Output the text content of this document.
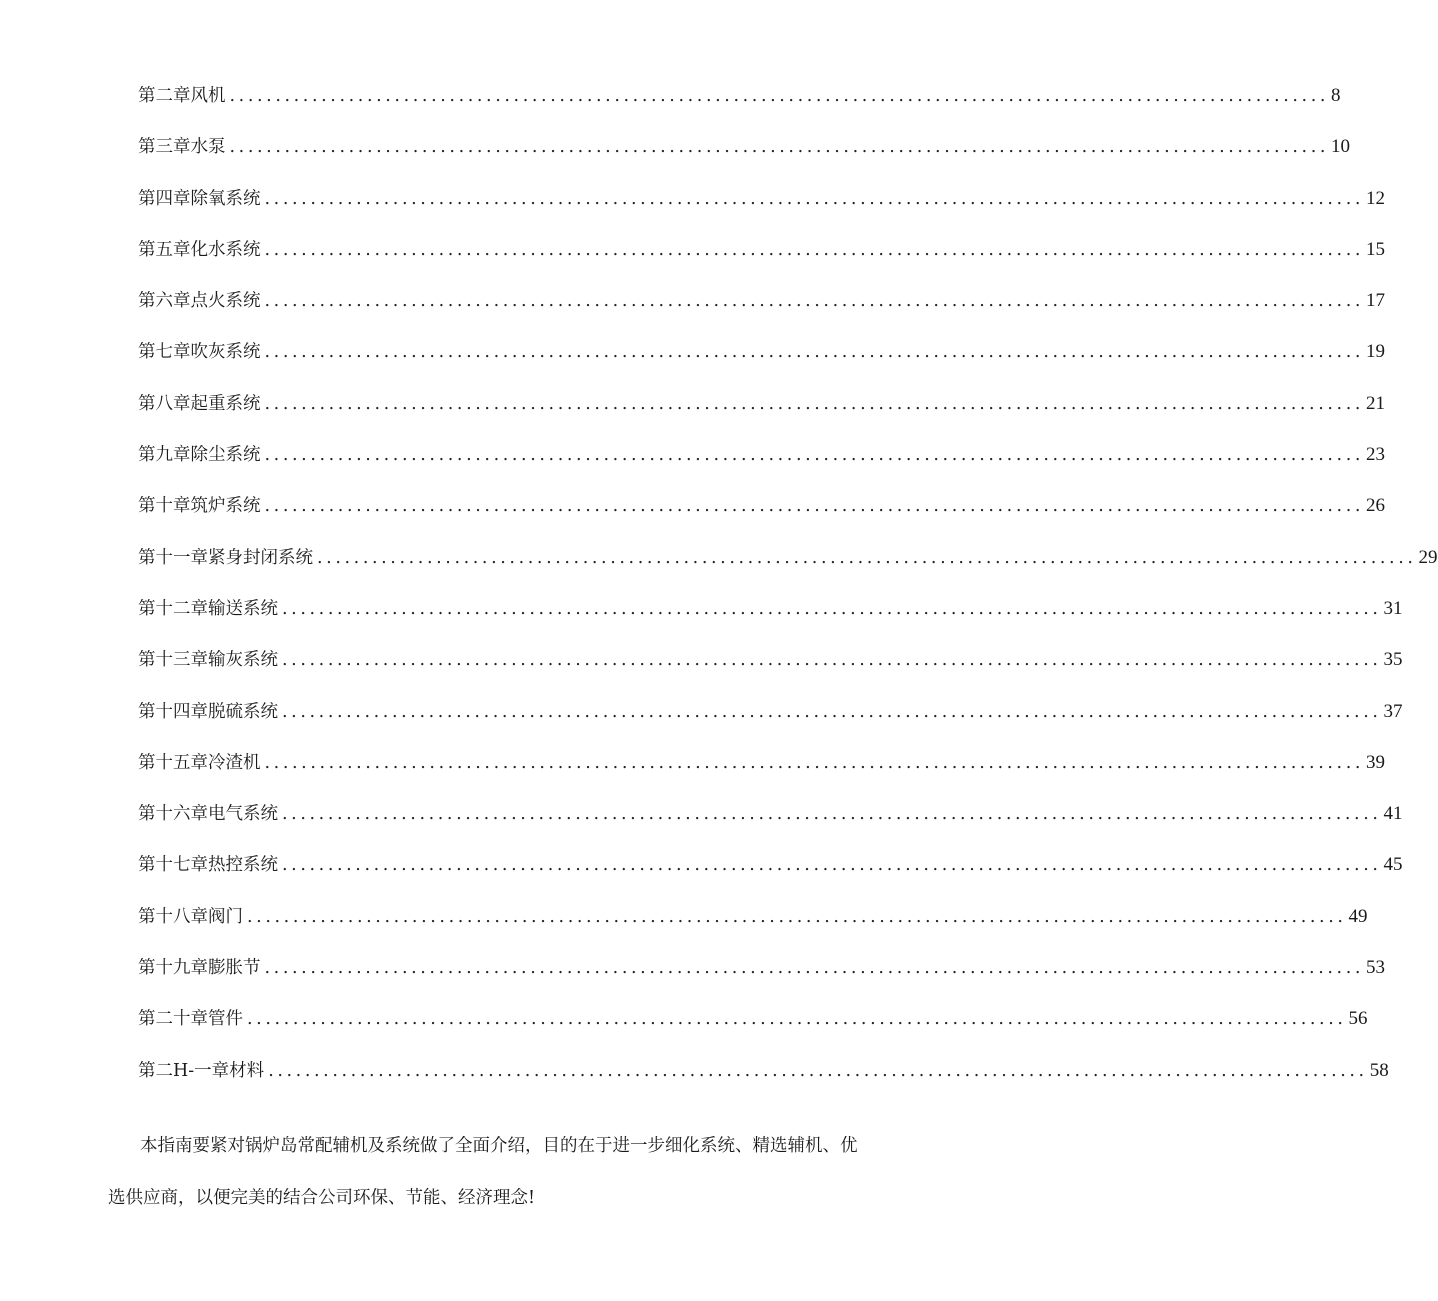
第二章风机 ........................................................................................................................ 8
第三章水泵 ........................................................................................................................ 10
第四章除氧系统 ........................................................................................................................ 12
第五章化水系统 ........................................................................................................................ 15
第六章点火系统 ........................................................................................................................ 17
第七章吹灰系统 ........................................................................................................................ 19
第八章起重系统 ........................................................................................................................ 21
第九章除尘系统 ........................................................................................................................ 23
第十章筑炉系统 ........................................................................................................................ 26
第十一章紧身封闭系统 ........................................................................................................................ 29
第十二章输送系统 ........................................................................................................................ 31
第十三章输灰系统 ........................................................................................................................ 35
第十四章脱硫系统 ........................................................................................................................ 37
第十五章冷渣机 ........................................................................................................................ 39
第十六章电气系统 ........................................................................................................................ 41
第十七章热控系统 ........................................................................................................................ 45
第十八章阀门 ........................................................................................................................ 49
第十九章膨胀节 ........................................................................................................................ 53
第二十章管件 ........................................................................................................................ 56
第二H-一章材料 ........................................................................................................................ 58

本指南要紧对锅炉岛常配辅机及系统做了全面介绍，目的在于进一步细化系统、精选辅机、优选供应商，以便完美的结合公司环保、节能、经济理念!
